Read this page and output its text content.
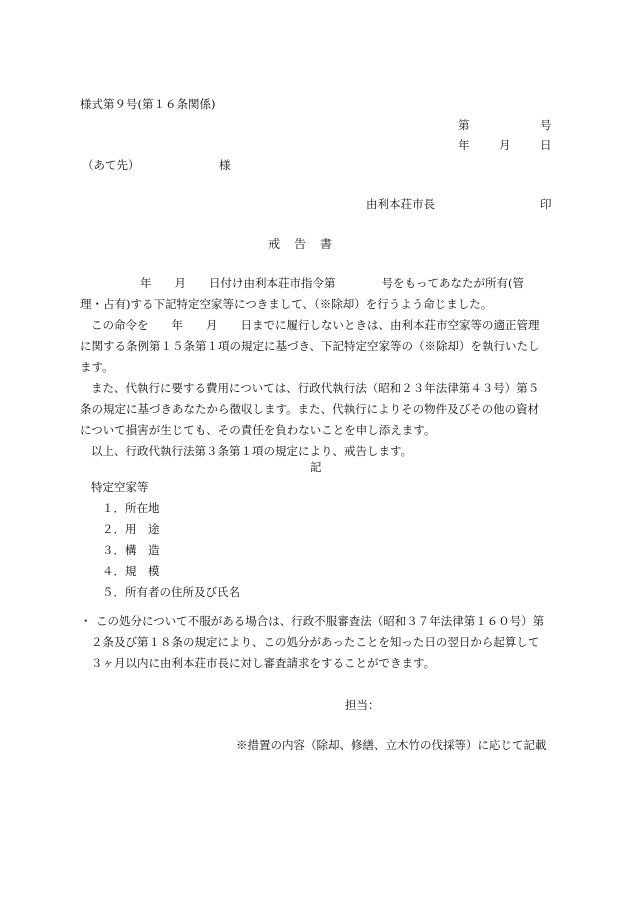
様式第９号(第１６条関係)
第	号
年	月	日
（あて先）	様
由利本荘市長	印
戒　告　書
年　　月　　日付け由利本荘市指令第　　　　号をもってあなたが所有(管
理・占有)する下記特定空家等につきまして、（※除却）を行うよう命じました。
この命令を　　年　　月　　日までに履行しないときは、由利本荘市空家等の適正管理
に関する条例第１５条第１項の規定に基づき、下記特定空家等の（※除却）を執行いたし
ます。
また、代執行に要する費用については、行政代執行法（昭和２３年法律第４３号）第５
条の規定に基づきあなたから徴収します。また、代執行によりその物件及びその他の資材
について損害が生じても、その責任を負わないことを申し添えます。
以上、行政代執行法第３条第１項の規定により、戒告します。
記
特定空家等
１．所在地
２．用　途
３．構　造
４．規　模
５．所有者の住所及び氏名
・ この処分について不服がある場合は、行政不服審査法（昭和３７年法律第１６０号）第
２条及び第１８条の規定により、この処分があったことを知った日の翌日から起算して
３ヶ月以内に由利本荘市長に対し審査請求をすることができます。
担当：
※措置の内容（除却、修繕、立木竹の伐採等）に応じて記載
